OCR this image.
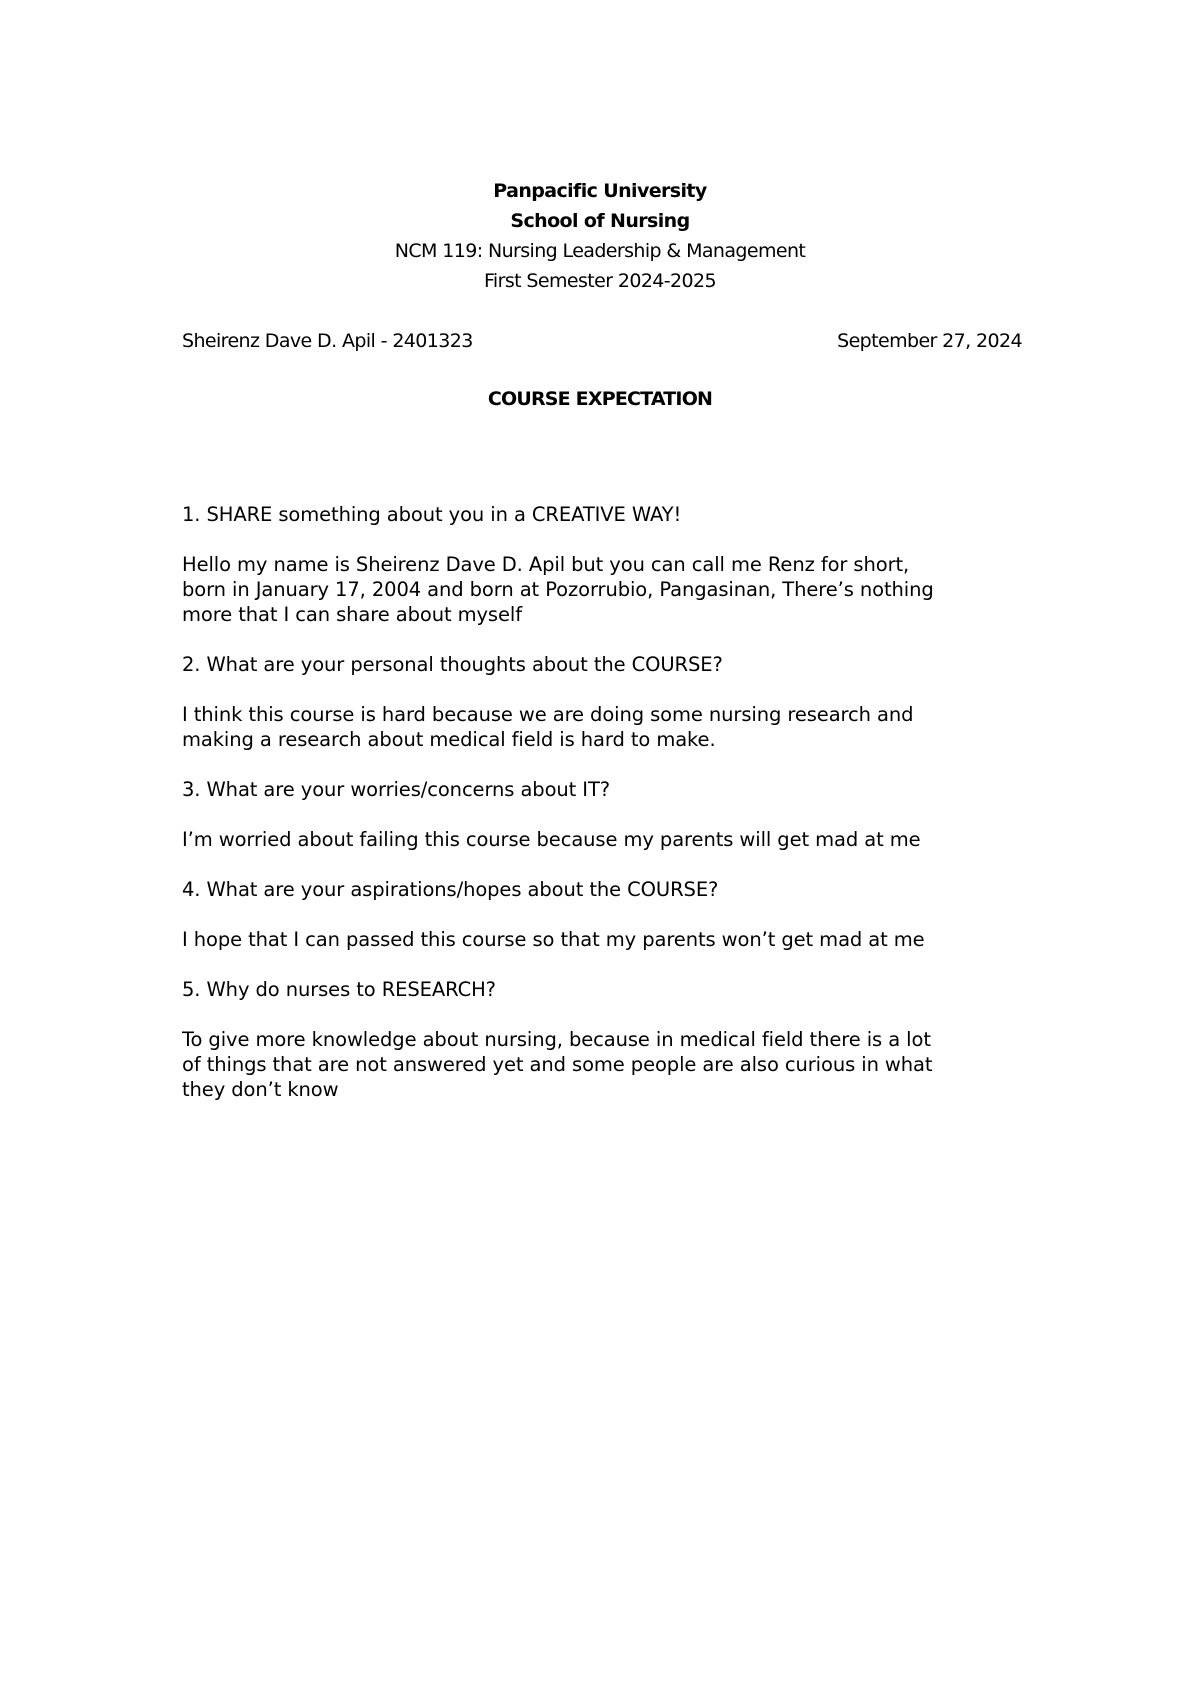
Panpacific University
School of Nursing
NCM 119: Nursing Leadership & Management
First Semester 2024-2025
Sheirenz Dave D. Apil - 2401323	September 27, 2024
COURSE EXPECTATION
1. SHARE something about you in a CREATIVE WAY!
Hello my name is Sheirenz Dave D. Apil but you can call me Renz for short,
born in January 17, 2004 and born at Pozorrubio, Pangasinan, There’s nothing
more that I can share about myself
2. What are your personal thoughts about the COURSE?
I think this course is hard because we are doing some nursing research and
making a research about medical field is hard to make.
3. What are your worries/concerns about IT?
I’m worried about failing this course because my parents will get mad at me
4. What are your aspirations/hopes about the COURSE?
I hope that I can passed this course so that my parents won’t get mad at me
5. Why do nurses to RESEARCH?
To give more knowledge about nursing, because in medical field there is a lot
of things that are not answered yet and some people are also curious in what
they don’t know
